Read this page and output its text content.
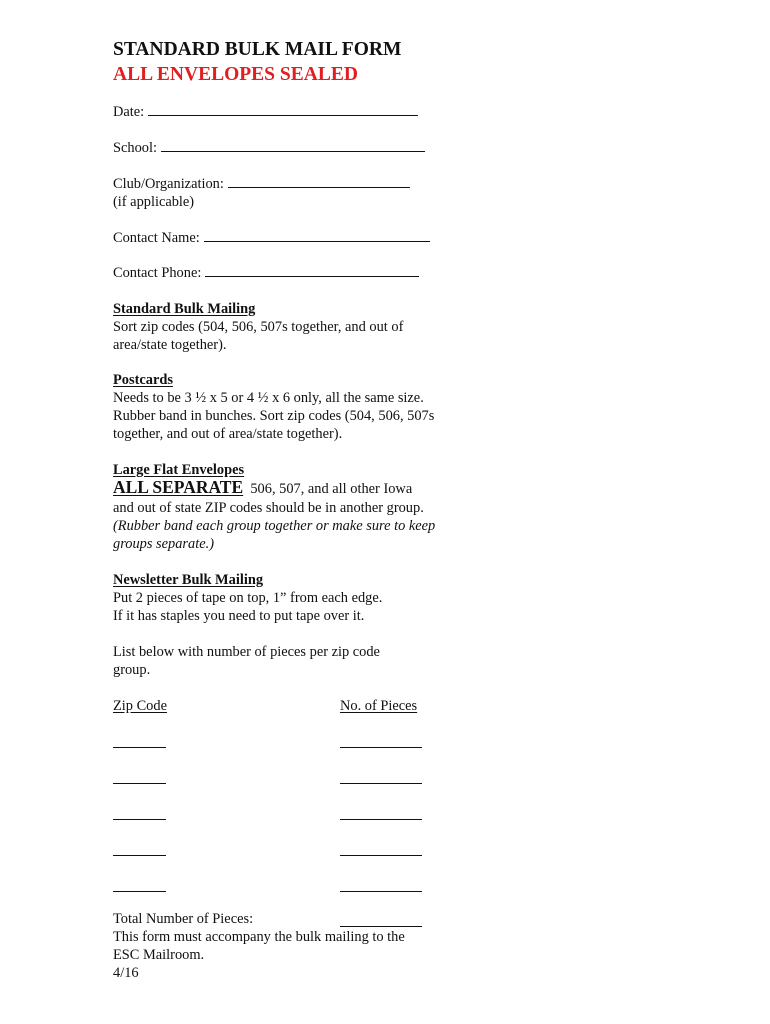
STANDARD BULK MAIL FORM
ALL ENVELOPES SEALED
Date:
School:
Club/Organization:
(if applicable)
Contact Name:
Contact Phone:
Standard Bulk Mailing
Sort zip codes (504, 506, 507s together, and out of
area/state together).
Postcards
Needs to be 3 ½ x 5 or 4 ½ x 6 only, all the same size.
Rubber band in bunches. Sort zip codes (504, 506, 507s
together, and out of area/state together).
Large Flat Envelopes
ALL SEPARATE 506, 507, and all other Iowa
and out of state ZIP codes should be in another group.
(Rubber band each group together or make sure to keep
groups separate.)
Newsletter Bulk Mailing
Put 2 pieces of tape on top, 1” from each edge.
If it has staples you need to put tape over it.
List below with number of pieces per zip code
group.
Zip Code	No. of Pieces
Total Number of Pieces:
This form must accompany the bulk mailing to the
ESC Mailroom.
4/16
